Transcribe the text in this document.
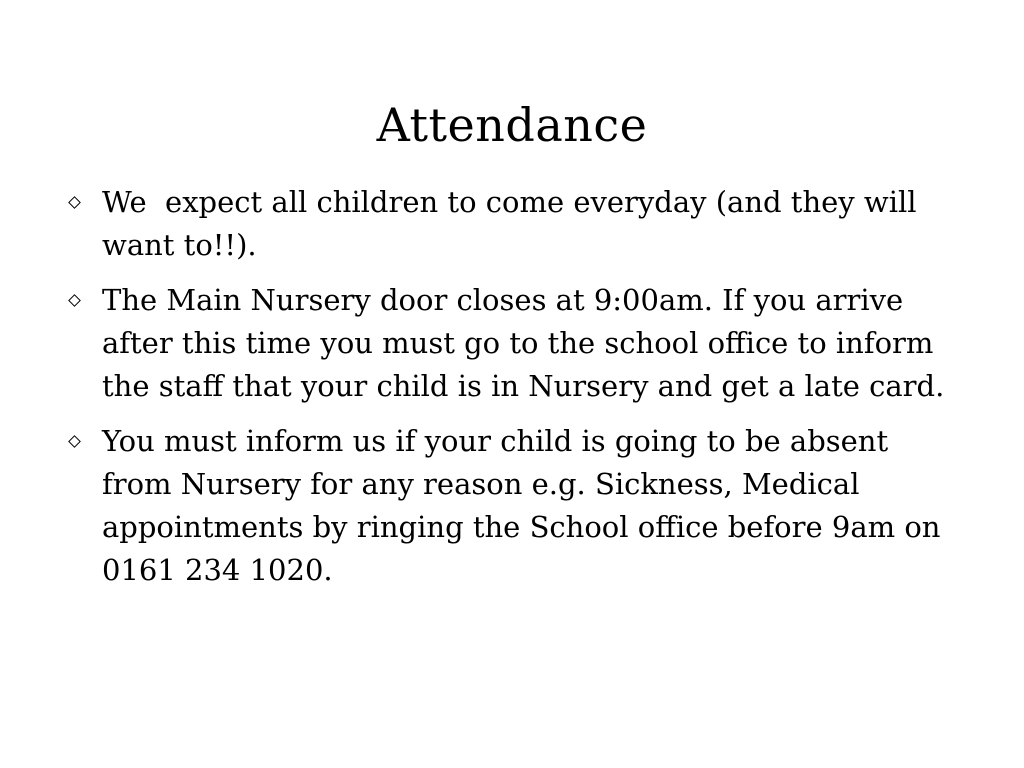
Attendance
We  expect all children to come everyday (and they will want to!!).
The Main Nursery door closes at 9:00am. If you arrive after this time you must go to the school office to inform the staff that your child is in Nursery and get a late card.
You must inform us if your child is going to be absent from Nursery for any reason e.g. Sickness, Medical appointments by ringing the School office before 9am on 0161 234 1020.
